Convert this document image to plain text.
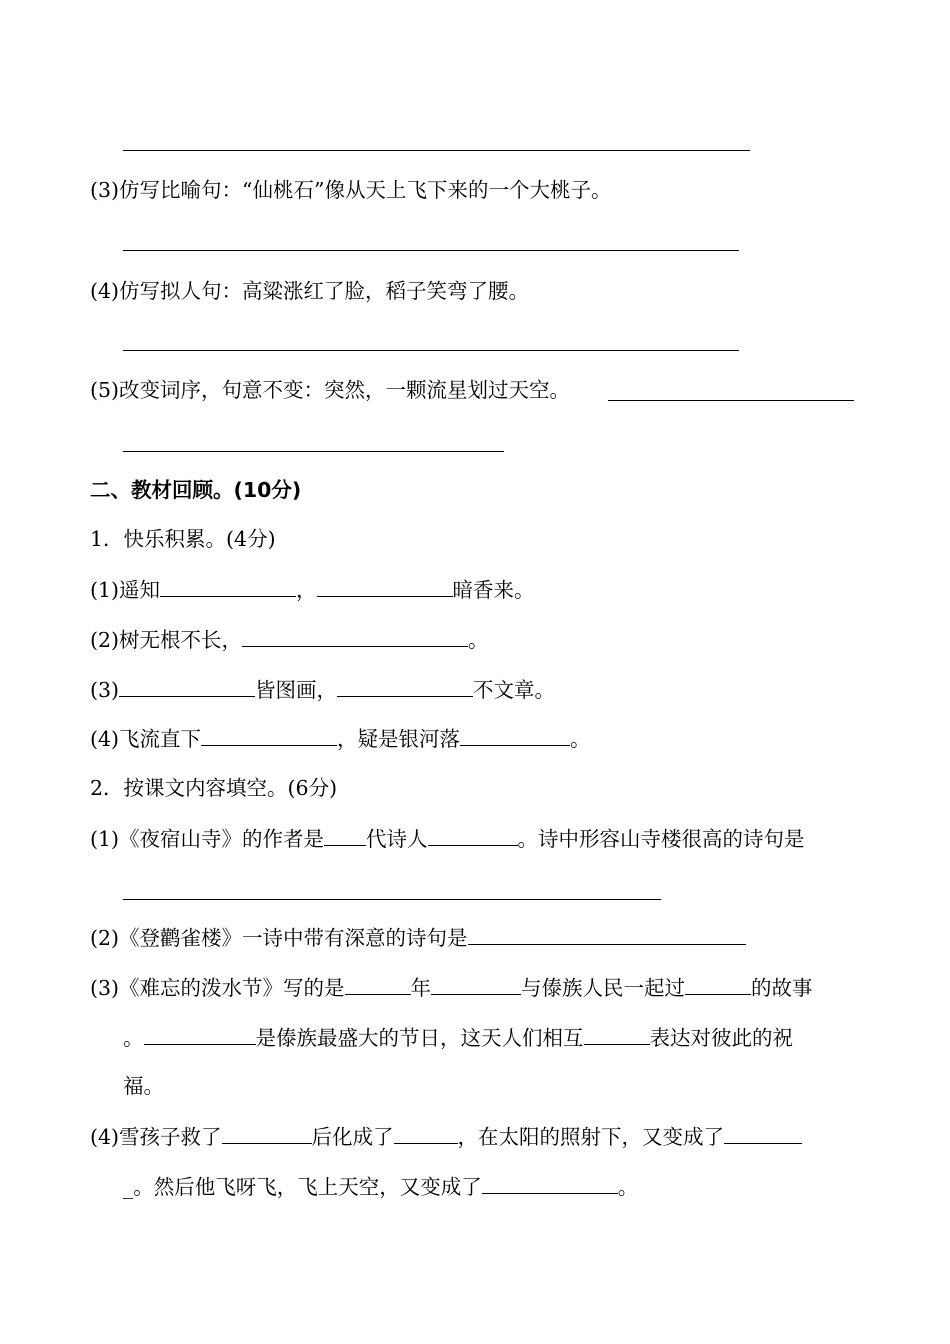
(3)仿写比喻句：“仙桃石”像从天上飞下来的一个大桃子。
(4)仿写拟人句：高粱涨红了脸，稻子笑弯了腰。
(5)改变词序，句意不变：突然，一颗流星划过天空。
二、教材回顾。(10分)
1．快乐积累。(4分)
(1)遥知	，	暗香来。
(2)树无根不长，	。
(3)	皆图画，	不文章。
(4)飞流直下	，疑是银河落	。
2．按课文内容填空。(6分)
(1)《夜宿山寺》的作者是 代诗人	。诗中形容山寺楼很高的诗句是
(2)《登鹳雀楼》一诗中带有深意的诗句是
(3)《难忘的泼水节》写的是	年	与傣族人民一起过	的故事
。	是傣族最盛大的节日，这天人们相互	表达对彼此的祝
福。
(4)雪孩子救了	后化成了	，在太阳的照射下，又变成了
_。然后他飞呀飞，飞上天空，又变成了	。
